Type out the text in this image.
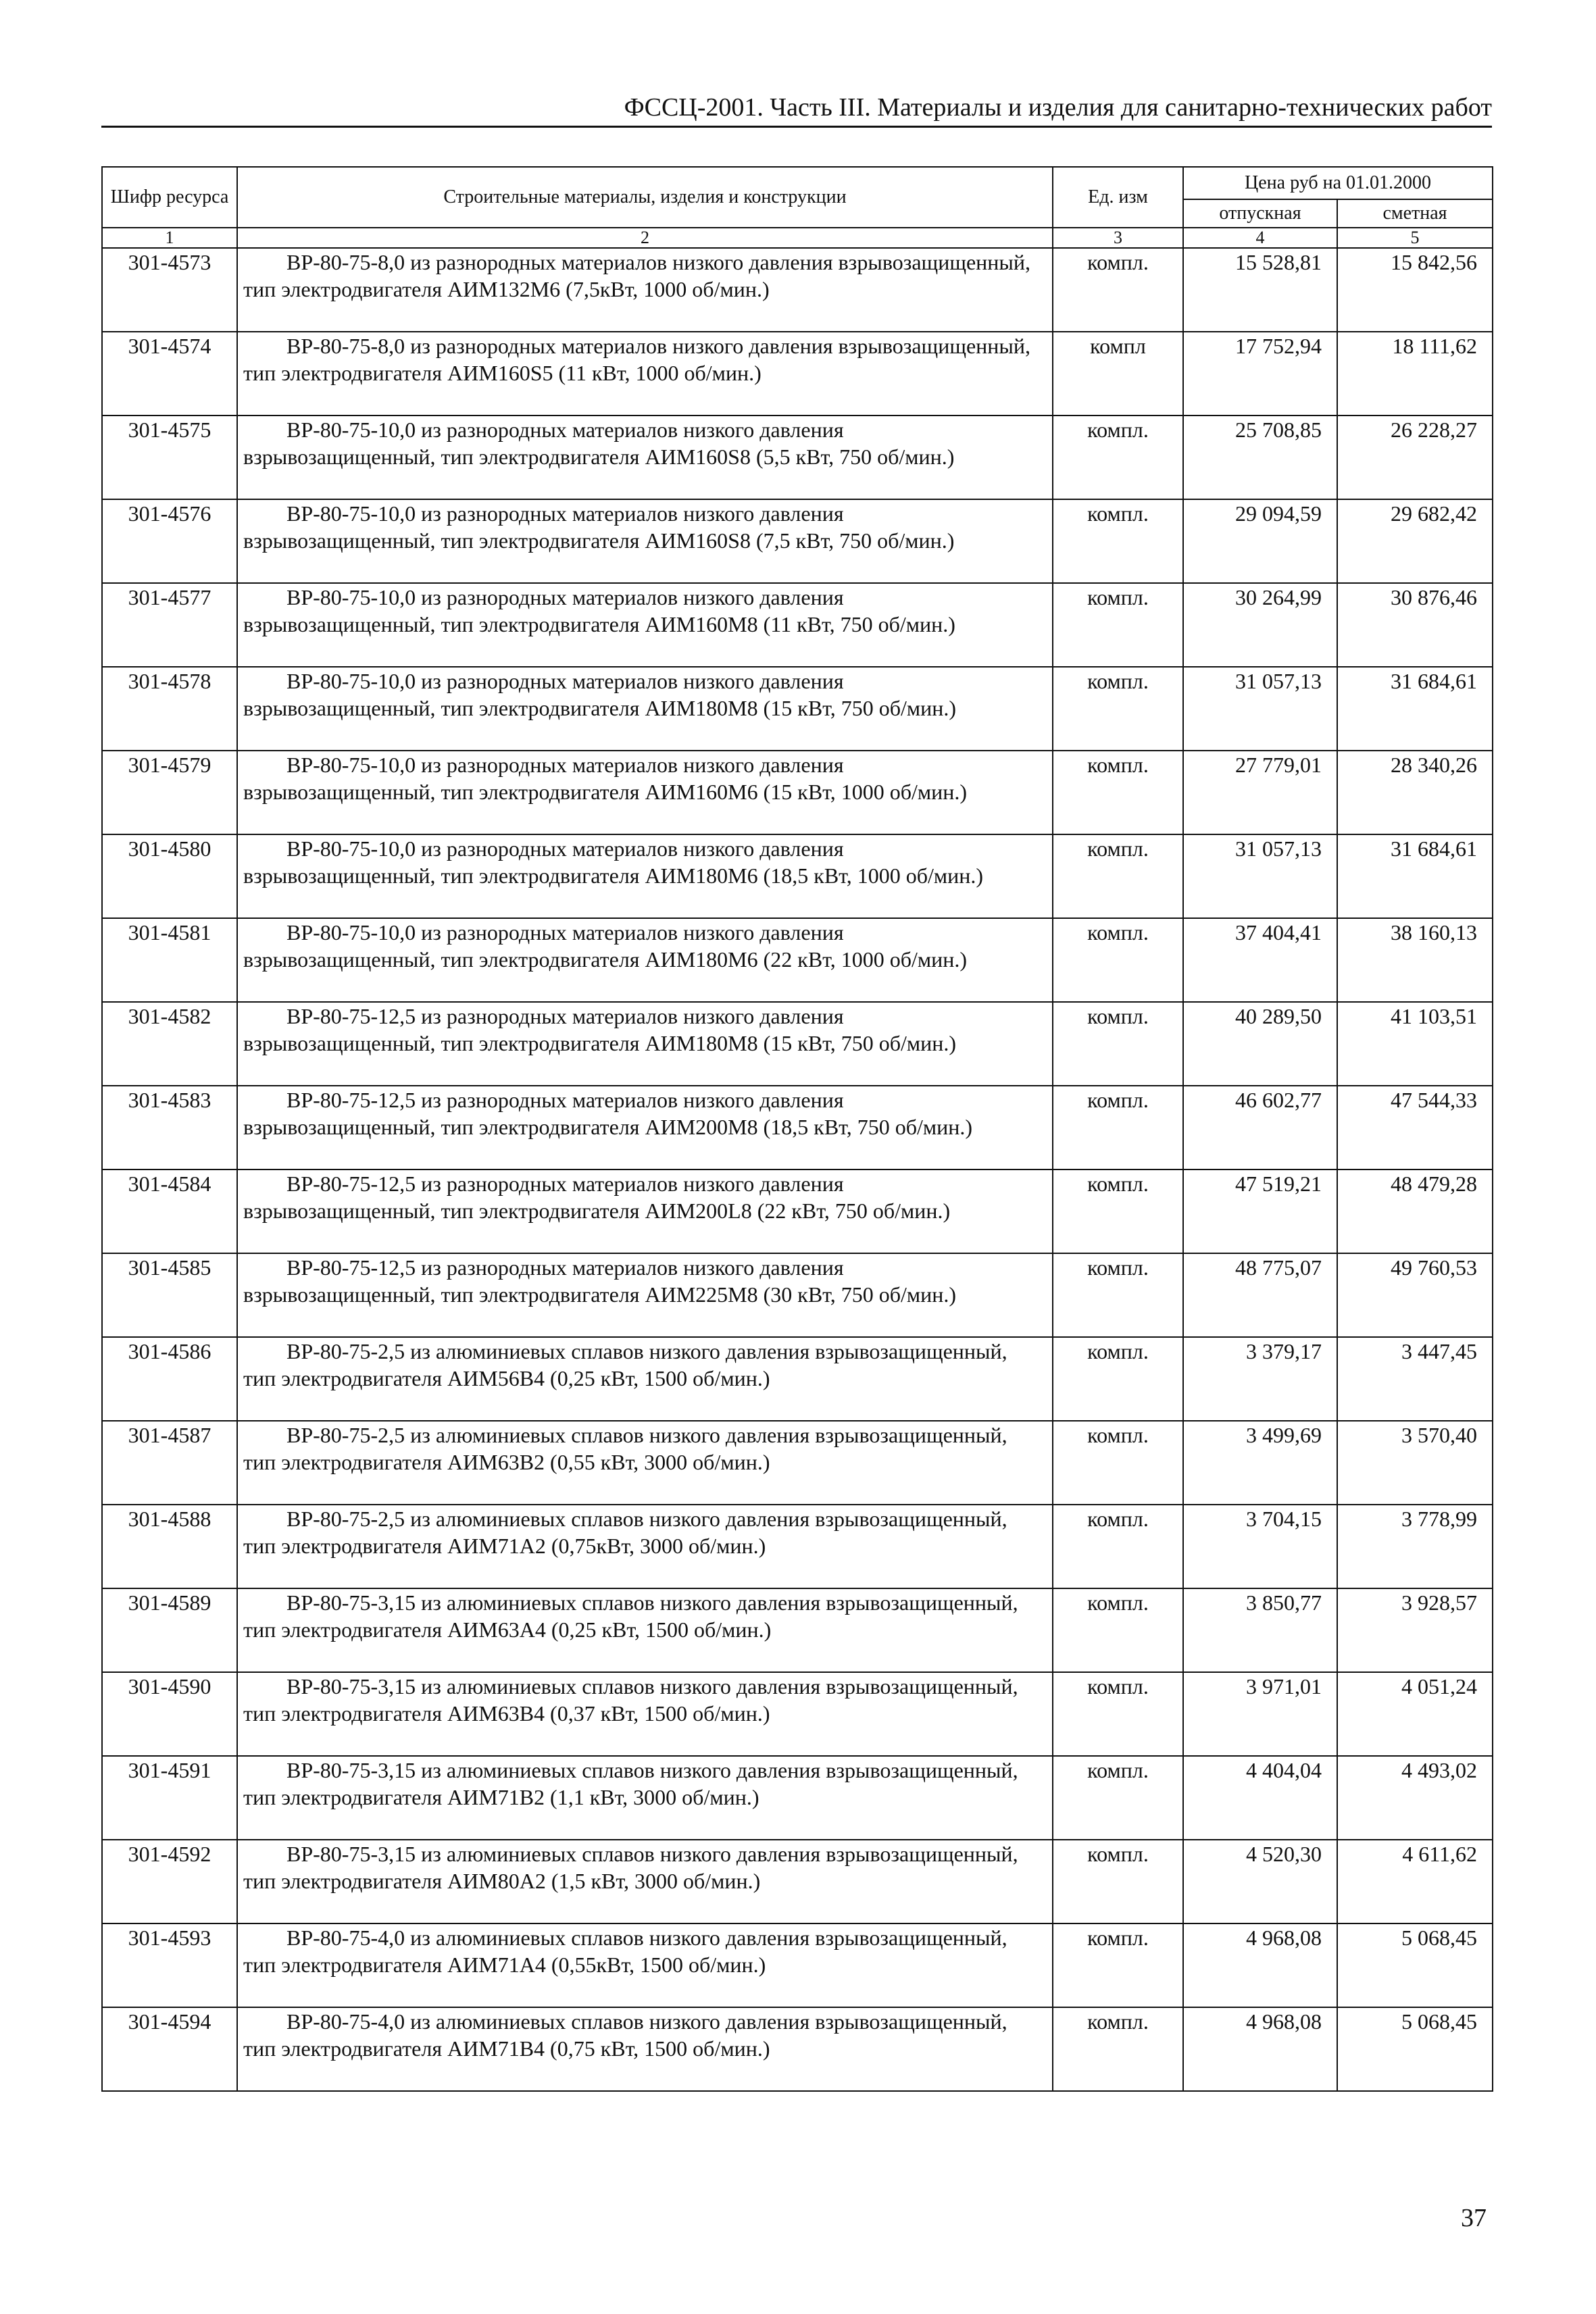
ФССЦ-2001. Часть III. Материалы и изделия для санитарно-технических работ
Шифр ресурса	Строительные материалы, изделия и конструкции	Ед. изм	Цена руб на 01.01.2000	
			отпускная	сметная
1	2	3	4	5
301-4573	ВР-80-75-8,0 из разнородных материалов низкого давления взрывозащищенный, тип электродвигателя АИМ132М6 (7,5кВт, 1000 об/мин.)	компл.	15 528,81	15 842,56
301-4574	ВР-80-75-8,0 из разнородных материалов низкого давления взрывозащищенный, тип электродвигателя АИМ160S5 (11 кВт, 1000 об/мин.)	компл	17 752,94	18 111,62
301-4575	ВР-80-75-10,0 из разнородных материалов низкого давления взрывозащищенный, тип электродвигателя АИМ160S8 (5,5 кВт, 750 об/мин.)	компл.	25 708,85	26 228,27
301-4576	ВР-80-75-10,0 из разнородных материалов низкого давления взрывозащищенный, тип электродвигателя АИМ160S8 (7,5 кВт, 750 об/мин.)	компл.	29 094,59	29 682,42
301-4577	ВР-80-75-10,0 из разнородных материалов низкого давления взрывозащищенный, тип электродвигателя АИМ160М8 (11 кВт, 750 об/мин.)	компл.	30 264,99	30 876,46
301-4578	ВР-80-75-10,0 из разнородных материалов низкого давления взрывозащищенный, тип электродвигателя АИМ180М8 (15 кВт, 750 об/мин.)	компл.	31 057,13	31 684,61
301-4579	ВР-80-75-10,0 из разнородных материалов низкого давления взрывозащищенный, тип электродвигателя АИМ160М6 (15 кВт, 1000 об/мин.)	компл.	27 779,01	28 340,26
301-4580	ВР-80-75-10,0 из разнородных материалов низкого давления взрывозащищенный, тип электродвигателя АИМ180М6 (18,5 кВт, 1000 об/мин.)	компл.	31 057,13	31 684,61
301-4581	ВР-80-75-10,0 из разнородных материалов низкого давления взрывозащищенный, тип электродвигателя АИМ180М6 (22 кВт, 1000 об/мин.)	компл.	37 404,41	38 160,13
301-4582	ВР-80-75-12,5 из разнородных материалов низкого давления взрывозащищенный, тип электродвигателя АИМ180М8 (15 кВт, 750 об/мин.)	компл.	40 289,50	41 103,51
301-4583	ВР-80-75-12,5 из разнородных материалов низкого давления взрывозащищенный, тип электродвигателя АИМ200М8 (18,5 кВт, 750 об/мин.)	компл.	46 602,77	47 544,33
301-4584	ВР-80-75-12,5 из разнородных материалов низкого давления взрывозащищенный, тип электродвигателя АИМ200L8 (22 кВт, 750 об/мин.)	компл.	47 519,21	48 479,28
301-4585	ВР-80-75-12,5 из разнородных материалов низкого давления взрывозащищенный, тип электродвигателя АИМ225М8 (30 кВт, 750 об/мин.)	компл.	48 775,07	49 760,53
301-4586	ВР-80-75-2,5 из алюминиевых сплавов низкого давления взрывозащищенный, тип электродвигателя АИМ56В4 (0,25 кВт, 1500 об/мин.)	компл.	3 379,17	3 447,45
301-4587	ВР-80-75-2,5 из алюминиевых сплавов низкого давления взрывозащищенный, тип электродвигателя АИМ63В2 (0,55 кВт, 3000 об/мин.)	компл.	3 499,69	3 570,40
301-4588	ВР-80-75-2,5 из алюминиевых сплавов низкого давления взрывозащищенный, тип электродвигателя АИМ71А2 (0,75кВт, 3000 об/мин.)	компл.	3 704,15	3 778,99
301-4589	ВР-80-75-3,15 из алюминиевых сплавов низкого давления взрывозащищенный, тип электродвигателя АИМ63А4 (0,25 кВт, 1500 об/мин.)	компл.	3 850,77	3 928,57
301-4590	ВР-80-75-3,15 из алюминиевых сплавов низкого давления взрывозащищенный, тип электродвигателя АИМ63В4 (0,37 кВт, 1500 об/мин.)	компл.	3 971,01	4 051,24
301-4591	ВР-80-75-3,15 из алюминиевых сплавов низкого давления взрывозащищенный, тип электродвигателя АИМ71В2 (1,1 кВт, 3000 об/мин.)	компл.	4 404,04	4 493,02
301-4592	ВР-80-75-3,15 из алюминиевых сплавов низкого давления взрывозащищенный, тип электродвигателя АИМ80А2 (1,5 кВт, 3000 об/мин.)	компл.	4 520,30	4 611,62
301-4593	ВР-80-75-4,0 из алюминиевых сплавов низкого давления взрывозащищенный, тип электродвигателя АИМ71А4 (0,55кВт, 1500 об/мин.)	компл.	4 968,08	5 068,45
301-4594	ВР-80-75-4,0 из алюминиевых сплавов низкого давления взрывозащищенный, тип электродвигателя АИМ71В4 (0,75 кВт, 1500 об/мин.)	компл.	4 968,08	5 068,45
37
